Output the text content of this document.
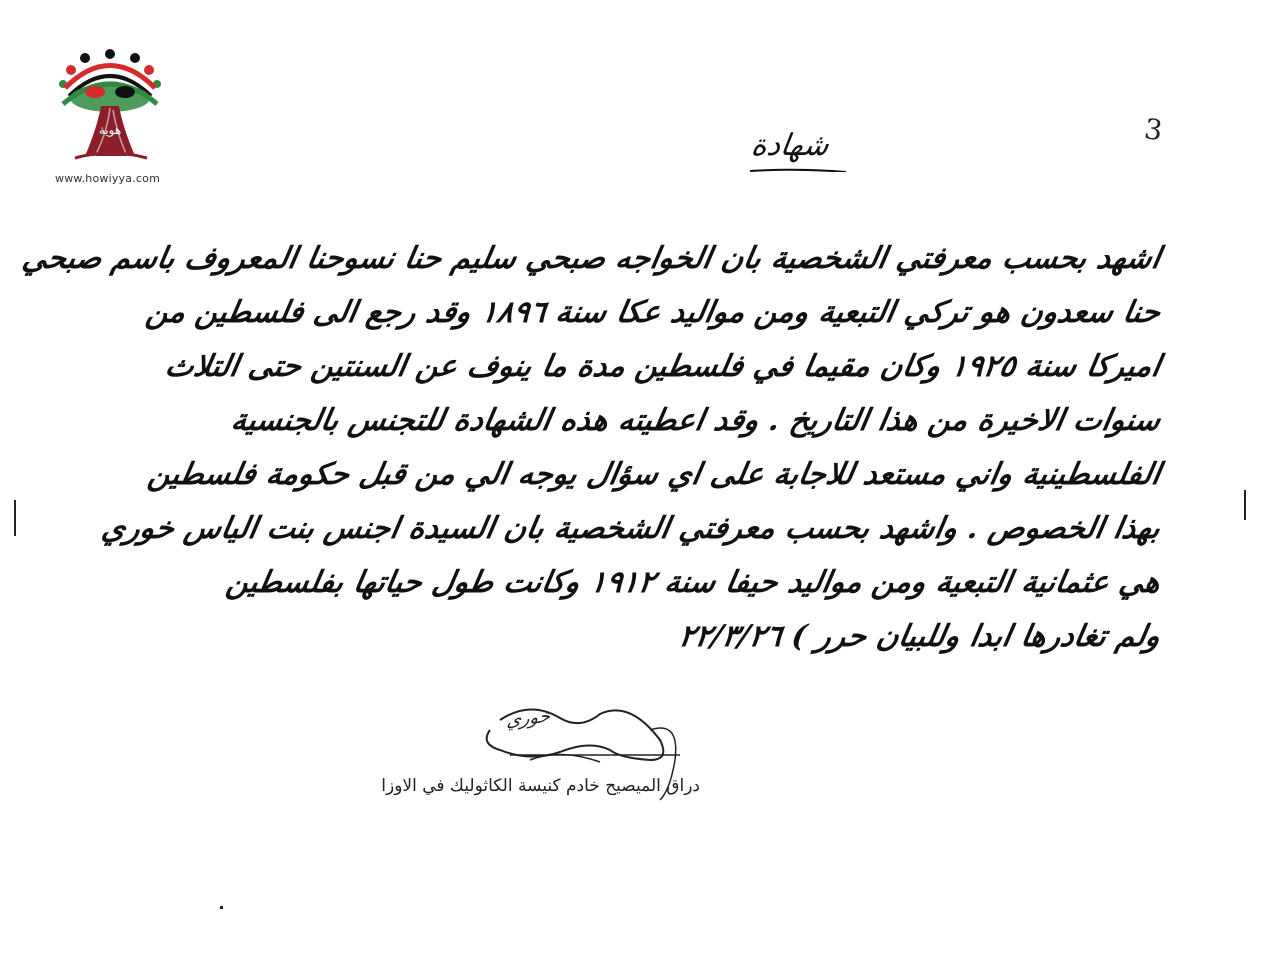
هوية
www.howiyya.com
3
شهادة
اشهد بحسب معرفتي الشخصية بان الخواجه صبحي سليم حنا نسوحنا المعروف باسم صبحي
حنا سعدون هو تركي التبعية ومن مواليد عكا سنة ١٨٩٦ وقد رجع الى فلسطين من
اميركا سنة ١٩٢٥ وكان مقيما في فلسطين مدة ما ينوف عن السنتين حتى التلاث
سنوات الاخيرة من هذا التاريخ . وقد اعطيته هذه الشهادة للتجنس بالجنسية
الفلسطينية واني مستعد للاجابة على اي سؤال يوجه الي من قبل حكومة فلسطين
بهذا الخصوص . واشهد بحسب معرفتي الشخصية بان السيدة اجنس بنت الياس خوري
هي عثمانية التبعية ومن مواليد حيفا سنة ١٩١٢ وكانت طول حياتها بفلسطين
ولم تغادرها ابدا وللبيان حرر ) ٢٢/٣/٢٦
خوري
دراق الميصيح خادم كنيسة الكاثوليك في الاوزا
